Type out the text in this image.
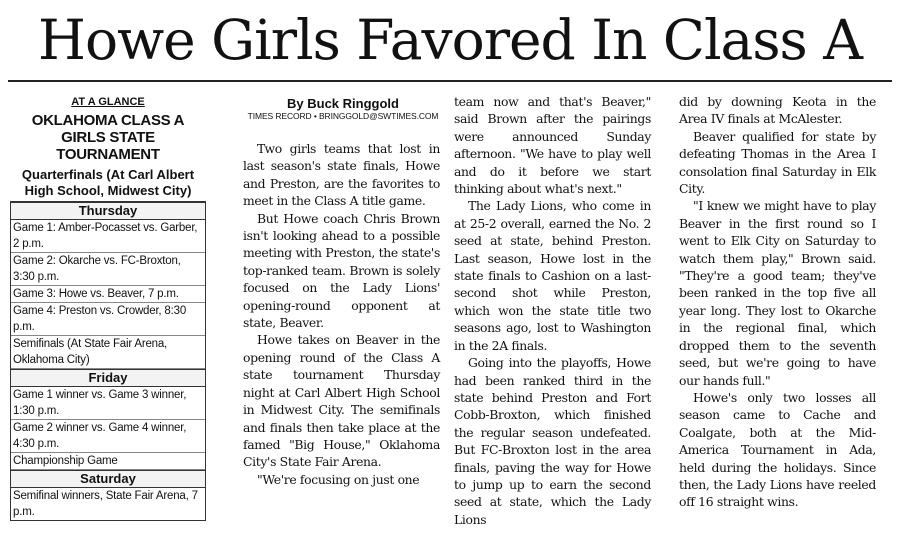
Howe Girls Favored In Class A
AT A GLANCE
OKLAHOMA CLASS A GIRLS STATE TOURNAMENT
Quarterfinals (At Carl Albert High School, Midwest City)
Thursday
Game 1: Amber-Pocasset vs. Garber, 2 p.m.
Game 2: Okarche vs. FC-Broxton, 3:30 p.m.
Game 3: Howe vs. Beaver, 7 p.m.
Game 4: Preston vs. Crowder, 8:30 p.m.
Semifinals (At State Fair Arena, Oklahoma City)
Friday
Game 1 winner vs. Game 3 winner, 1:30 p.m.
Game 2 winner vs. Game 4 winner, 4:30 p.m.
Championship Game
Saturday
Semifinal winners, State Fair Arena, 7 p.m.
By Buck Ringgold
TIMES RECORD • BRINGGOLD@SWTIMES.COM

Two girls teams that lost in last season's state finals, Howe and Preston, are the favorites to meet in the Class A title game.

But Howe coach Chris Brown isn't looking ahead to a possible meeting with Preston, the state's top-ranked team. Brown is solely focused on the Lady Lions' opening-round opponent at state, Beaver.

Howe takes on Beaver in the opening round of the Class A state tournament Thursday night at Carl Albert High School in Midwest City. The semifinals and finals then take place at the famed "Big House," Oklahoma City's State Fair Arena.

"We're focusing on just one

team now and that's Beaver," said Brown after the pairings were announced Sunday afternoon. "We have to play well and do it before we start thinking about what's next."

The Lady Lions, who come in at 25-2 overall, earned the No. 2 seed at state, behind Preston. Last season, Howe lost in the state finals to Cashion on a last-second shot while Preston, which won the state title two seasons ago, lost to Washington in the 2A finals.

Going into the playoffs, Howe had been ranked third in the state behind Preston and Fort Cobb-Broxton, which finished the regular season undefeated. But FC-Broxton lost in the area finals, paving the way for Howe to jump up to earn the second seed at state, which the Lady Lions

did by downing Keota in the Area IV finals at McAlester.

Beaver qualified for state by defeating Thomas in the Area I consolation final Saturday in Elk City.

"I knew we might have to play Beaver in the first round so I went to Elk City on Saturday to watch them play," Brown said. "They're a good team; they've been ranked in the top five all year long. They lost to Okarche in the regional final, which dropped them to the seventh seed, but we're going to have our hands full."

Howe's only two losses all season came to Cache and Coalgate, both at the Mid-America Tournament in Ada, held during the holidays. Since then, the Lady Lions have reeled off 16 straight wins.
